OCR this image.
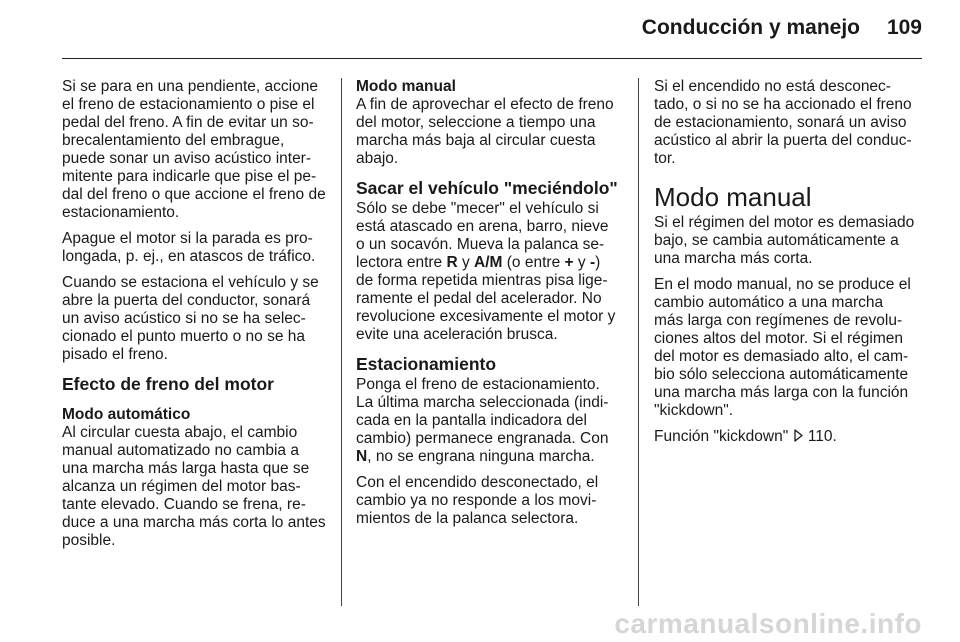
Conducción y manejo 109
Si se para en una pendiente, accione
el freno de estacionamiento o pise el
pedal del freno. A fin de evitar un so-
brecalentamiento del embrague,
puede sonar un aviso acústico inter-
mitente para indicarle que pise el pe-
dal del freno o que accione el freno de
estacionamiento.
Apague el motor si la parada es pro-
longada, p. ej., en atascos de tráfico.
Cuando se estaciona el vehículo y se
abre la puerta del conductor, sonará
un aviso acústico si no se ha selec-
cionado el punto muerto o no se ha
pisado el freno.
Efecto de freno del motor
Modo automático
Al circular cuesta abajo, el cambio
manual automatizado no cambia a
una marcha más larga hasta que se
alcanza un régimen del motor bas-
tante elevado. Cuando se frena, re-
duce a una marcha más corta lo antes
posible.
Modo manual
A fin de aprovechar el efecto de freno
del motor, seleccione a tiempo una
marcha más baja al circular cuesta
abajo.
Sacar el vehículo "meciéndolo"
Sólo se debe "mecer" el vehículo si
está atascado en arena, barro, nieve
o un socavón. Mueva la palanca se-
lectora entre R y A/M (o entre + y -)
de forma repetida mientras pisa lige-
ramente el pedal del acelerador. No
revolucione excesivamente el motor y
evite una aceleración brusca.
Estacionamiento
Ponga el freno de estacionamiento.
La última marcha seleccionada (indi-
cada en la pantalla indicadora del
cambio) permanece engranada. Con
N, no se engrana ninguna marcha.
Con el encendido desconectado, el
cambio ya no responde a los movi-
mientos de la palanca selectora.
Si el encendido no está desconec-
tado, o si no se ha accionado el freno
de estacionamiento, sonará un aviso
acústico al abrir la puerta del conduc-
tor.
Modo manual
Si el régimen del motor es demasiado
bajo, se cambia automáticamente a
una marcha más corta.
En el modo manual, no se produce el
cambio automático a una marcha
más larga con regímenes de revolu-
ciones altos del motor. Si el régimen
del motor es demasiado alto, el cam-
bio sólo selecciona automáticamente
una marcha más larga con la función
"kickdown".
Función "kickdown"  110.
carmanualsonline.info
